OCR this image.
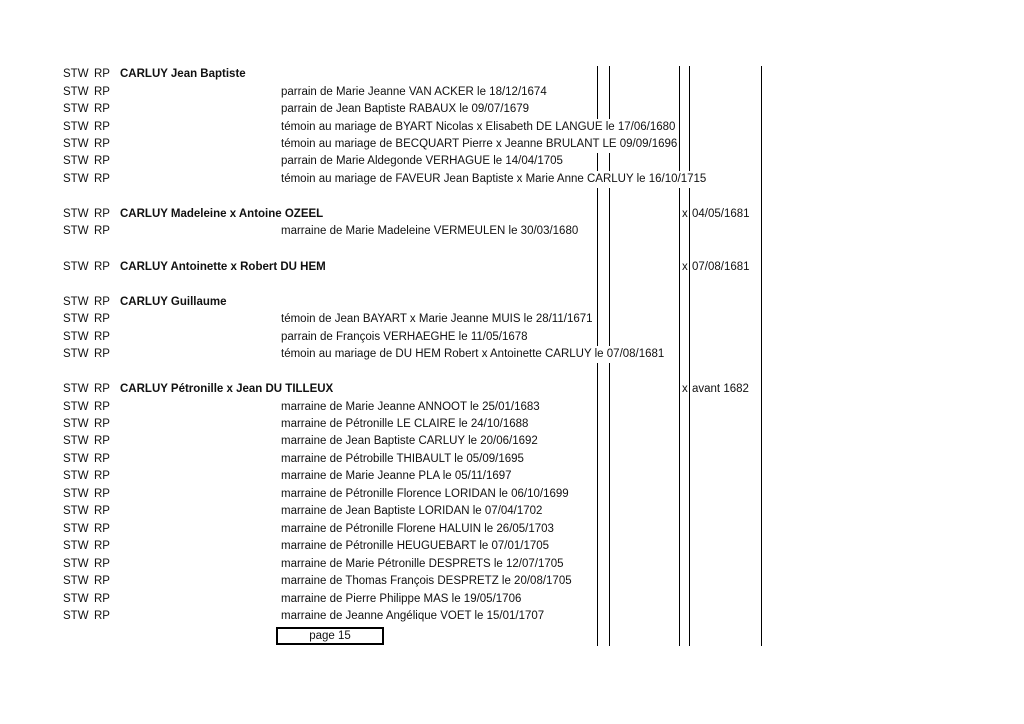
STW RP CARLUY Jean Baptiste
STW RP	parrain de Marie Jeanne VAN ACKER le 18/12/1674
STW RP	parrain de Jean Baptiste RABAUX le 09/07/1679
STW RP	témoin au mariage de BYART Nicolas x Elisabeth DE LANGUE le 17/06/1680
STW RP	témoin au mariage de BECQUART Pierre x Jeanne BRULANT LE 09/09/1696
STW RP	parrain de Marie Aldegonde VERHAGUE le 14/04/1705
STW RP	témoin au mariage de FAVEUR Jean Baptiste x Marie Anne CARLUY le 16/10/1715
STW RP CARLUY Madeleine x Antoine OZEEL	x 04/05/1681
STW RP	marraine de Marie Madeleine VERMEULEN le 30/03/1680
STW RP CARLUY Antoinette x Robert DU HEM	x 07/08/1681
STW RP CARLUY Guillaume
STW RP	témoin de Jean BAYART x Marie Jeanne MUIS le 28/11/1671
STW RP	parrain de François VERHAEGHE le 11/05/1678
STW RP	témoin au mariage de DU HEM Robert x Antoinette CARLUY le 07/08/1681
STW RP CARLUY Pétronille x Jean DU TILLEUX	x avant 1682
STW RP	marraine de Marie Jeanne ANNOOT le 25/01/1683
STW RP	marraine de Pétronille LE CLAIRE le 24/10/1688
STW RP	marraine de Jean Baptiste CARLUY le 20/06/1692
STW RP	marraine de Pétrobille THIBAULT le 05/09/1695
STW RP	marraine de Marie Jeanne PLA le 05/11/1697
STW RP	marraine de Pétronille Florence LORIDAN le 06/10/1699
STW RP	marraine de Jean Baptiste LORIDAN le 07/04/1702
STW RP	marraine de Pétronille Florene HALUIN le 26/05/1703
STW RP	marraine de Pétronille HEUGUEBART le 07/01/1705
STW RP	marraine de Marie Pétronille DESPRETS le 12/07/1705
STW RP	marraine de Thomas François DESPRETZ le 20/08/1705
STW RP	marraine de Pierre Philippe MAS le 19/05/1706
STW RP	marraine de Jeanne Angélique VOET le 15/01/1707
page 15
